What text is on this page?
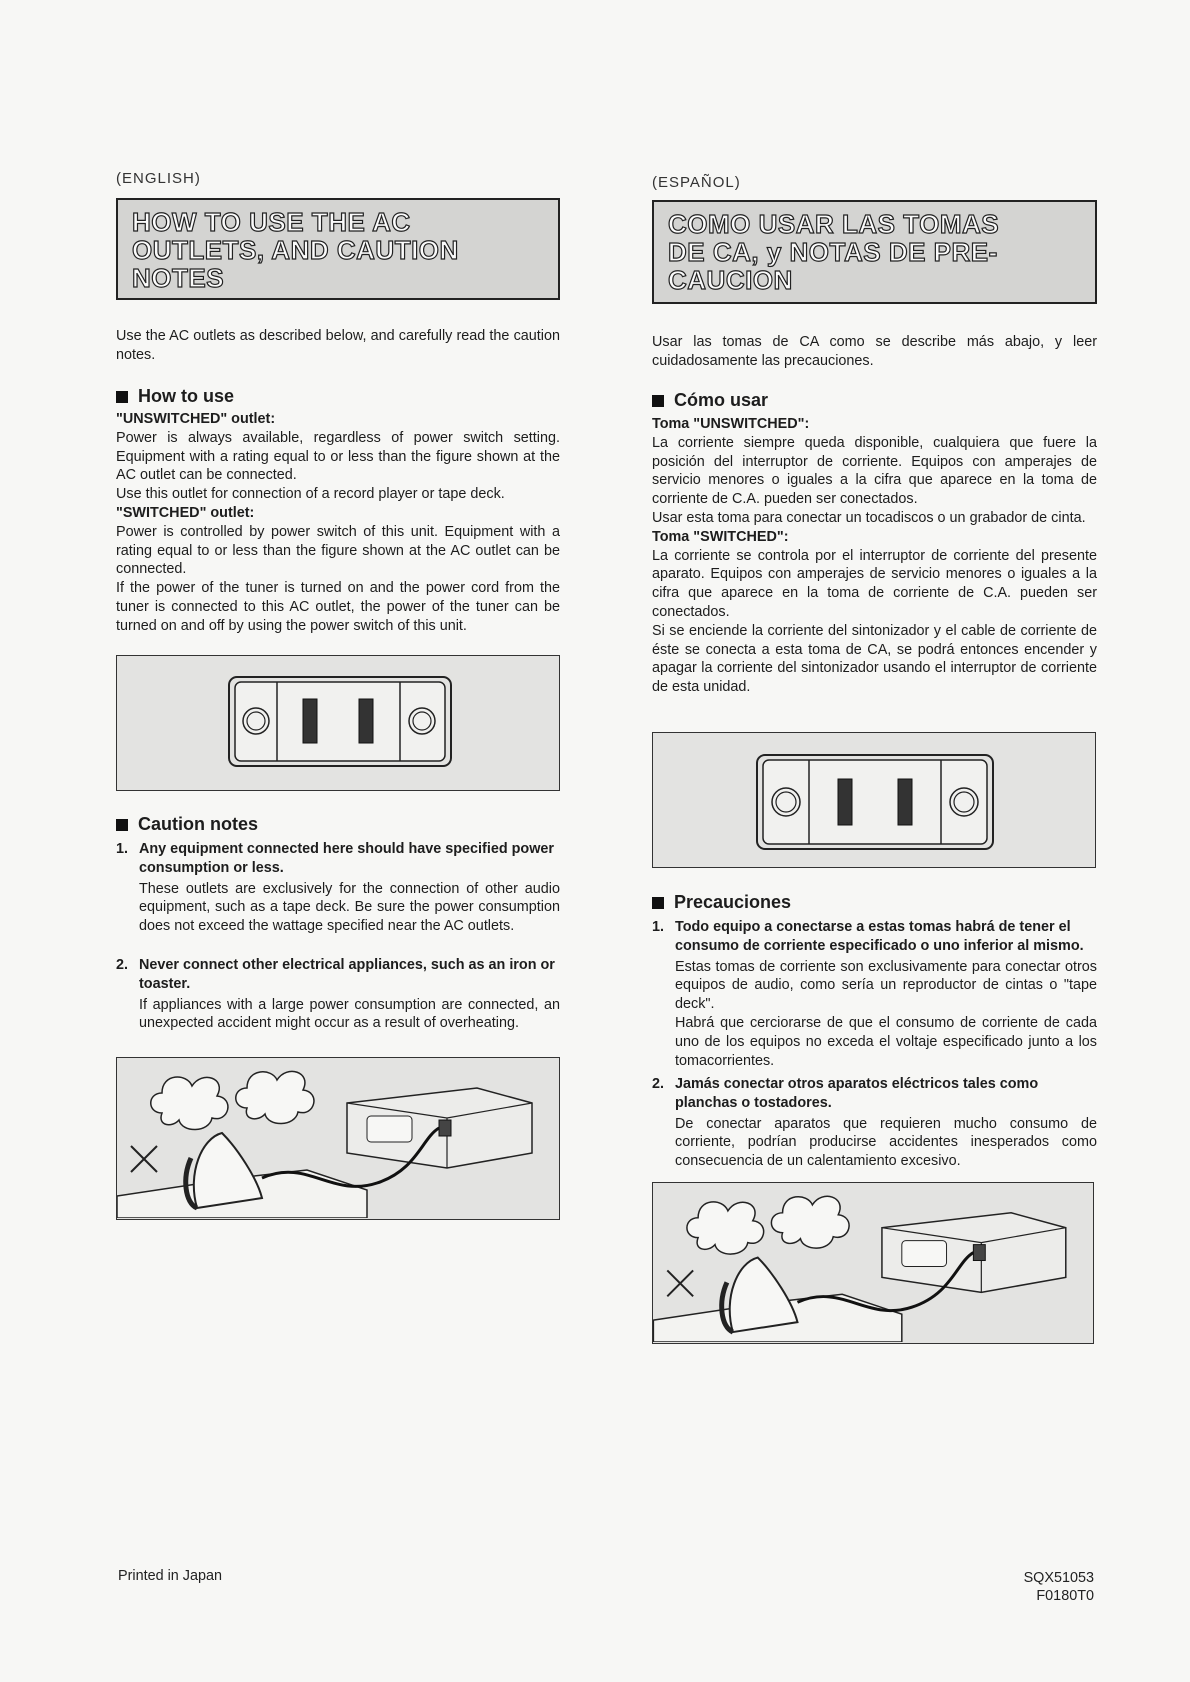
(ENGLISH)
HOW TO USE THE AC
OUTLETS, AND CAUTION
NOTES
Use the AC outlets as described below, and carefully read the caution notes.
How to use

"UNSWITCHED" outlet:

Power is always available, regardless of power switch setting. Equipment with a rating equal to or less than the figure shown at the AC outlet can be connected.

Use this outlet for connection of a record player or tape deck.

"SWITCHED" outlet:

Power is controlled by power switch of this unit. Equipment with a rating equal to or less than the figure shown at the AC outlet can be connected.

If the power of the tuner is turned on and the power cord from the tuner is connected to this AC outlet, the power of the tuner can be turned on and off by using the power switch of this unit.

Caution notes
1. Any equipment connected here should have specified power consumption or less.
These outlets are exclusively for the connection of other audio equipment, such as a tape deck. Be sure the power consumption does not exceed the wattage specified near the AC outlets.
2. Never connect other electrical appliances, such as an iron or toaster.
If appliances with a large power consumption are connected, an unexpected accident might occur as a result of overheating.
(ESPAÑOL)
COMO USAR LAS TOMAS
DE CA, y NOTAS DE PRE-
CAUCION
Usar las tomas de CA como se describe más abajo, y leer cuidadosamente las precauciones.
Cómo usar

Toma "UNSWITCHED":

La corriente siempre queda disponible, cualquiera que fuere la posición del interruptor de corriente. Equipos con amperajes de servicio menores o iguales a la cifra que aparece en la toma de corriente de C.A. pueden ser conectados.

Usar esta toma para conectar un tocadiscos o un grabador de cinta.

Toma "SWITCHED":

La corriente se controla por el interruptor de corriente del presente aparato. Equipos con amperajes de servicio menores o iguales a la cifra que aparece en la toma de corriente de C.A. pueden ser conectados.

Si se enciende la corriente del sintonizador y el cable de corriente de éste se conecta a esta toma de CA, se podrá entonces encender y apagar la corriente del sintonizador usando el interruptor de corriente de esta unidad.

Precauciones
1. Todo equipo a conectarse a estas tomas habrá de tener el consumo de corriente especificado o uno inferior al mismo.
Estas tomas de corriente son exclusivamente para conectar otros equipos de audio, como sería un reproductor de cintas o "tape deck".
Habrá que cerciorarse de que el consumo de corriente de cada uno de los equipos no exceda el voltaje especificado junto a los tomacorrientes.
2. Jamás conectar otros aparatos eléctricos tales como planchas o tostadores.
De conectar aparatos que requieren mucho consumo de corriente, podrían producirse accidentes inesperados como consecuencia de un calentamiento excesivo.
Printed in Japan	SQX51053
F0180T0
